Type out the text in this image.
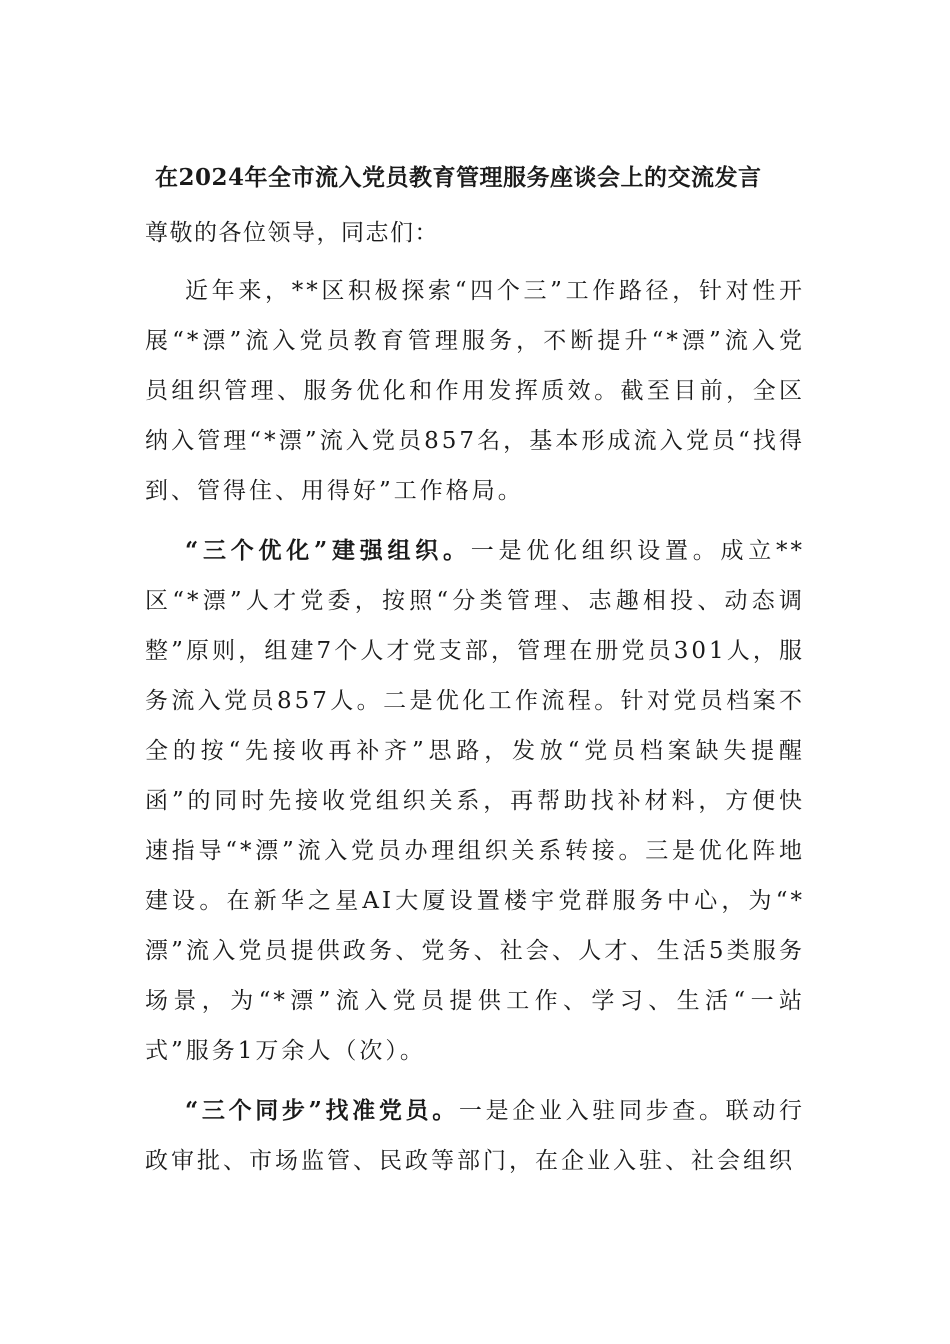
在2024年全市流入党员教育管理服务座谈会上的交流发言

尊敬的各位领导，同志们：

近年来，**区积极探索“四个三”工作路径，针对性开展“*漂”流入党员教育管理服务，不断提升“*漂”流入党员组织管理、服务优化和作用发挥质效。截至目前，全区纳入管理“*漂”流入党员857名，基本形成流入党员“找得到、管得住、用得好”工作格局。

“三个优化”建强组织。一是优化组织设置。成立**区“*漂”人才党委，按照“分类管理、志趣相投、动态调整”原则，组建7个人才党支部，管理在册党员301人，服务流入党员857人。二是优化工作流程。针对党员档案不全的按“先接收再补齐”思路，发放“党员档案缺失提醒函”的同时先接收党组织关系，再帮助找补材料，方便快速指导“*漂”流入党员办理组织关系转接。三是优化阵地建设。在新华之星AI大厦设置楼宇党群服务中心，为“*漂”流入党员提供政务、党务、社会、人才、生活5类服务场景，为“*漂”流入党员提供工作、学习、生活“一站式”服务1万余人（次）。

“三个同步”找准党员。一是企业入驻同步查。联动行政审批、市场监管、民政等部门，在企业入驻、社会组织
